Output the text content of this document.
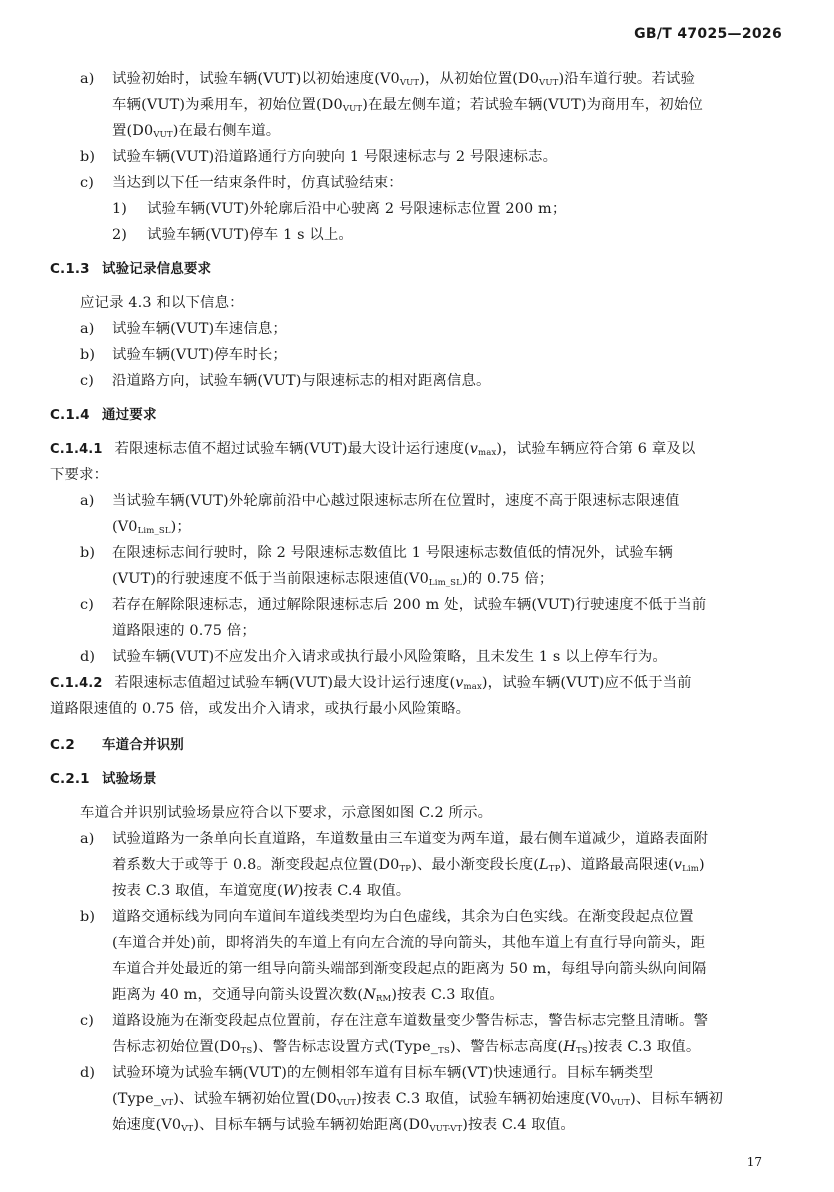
GB/T 47025—2026
a) 试验初始时，试验车辆(VUT)以初始速度$(V0_{VUT})$，从初始位置$(D0_{VUT})$沿车道行驶。若试验
车辆(VUT)为乘用车，初始位置$(D0_{VUT})$在最左侧车道；若试验车辆(VUT)为商用车，初始位
置$(D0_{VUT})$在最右侧车道。
b) 试验车辆(VUT)沿道路通行方向驶向 1 号限速标志与 2 号限速标志。
c) 当达到以下任一结束条件时，仿真试验结束：
1) 试验车辆(VUT)外轮廓后沿中心驶离 2 号限速标志位置 200 m；
2) 试验车辆(VUT)停车 1 s 以上。
C.1.3 试验记录信息要求
应记录 4.3 和以下信息：
a) 试验车辆(VUT)车速信息；
b) 试验车辆(VUT)停车时长；
c) 沿道路方向，试验车辆(VUT)与限速标志的相对距离信息。
C.1.4 通过要求
C.1.4.1 若限速标志值不超过试验车辆(VUT)最大设计运行速度$(v_{max})$，试验车辆应符合第 6 章及以
下要求：
a) 当试验车辆(VUT)外轮廓前沿中心越过限速标志所在位置时，速度不高于限速标志限速值
$(V0_{Lim\_SL})$；
b) 在限速标志间行驶时，除 2 号限速标志数值比 1 号限速标志数值低的情况外，试验车辆
(VUT)的行驶速度不低于当前限速标志限速值$(V0_{Lim\_SL})$的 0.75 倍；
c) 若存在解除限速标志，通过解除限速标志后 200 m 处，试验车辆(VUT)行驶速度不低于当前
道路限速的 0.75 倍；
d) 试验车辆(VUT)不应发出介入请求或执行最小风险策略，且未发生 1 s 以上停车行为。
C.1.4.2 若限速标志值超过试验车辆(VUT)最大设计运行速度$(v_{max})$，试验车辆(VUT)应不低于当前
道路限速值的 0.75 倍，或发出介入请求，或执行最小风险策略。
C.2 车道合并识别
C.2.1 试验场景
车道合并识别试验场景应符合以下要求，示意图如图 C.2 所示。
a) 试验道路为一条单向长直道路，车道数量由三车道变为两车道，最右侧车道减少，道路表面附
着系数大于或等于 0.8。渐变段起点位置$(D0_{TP})$、最小渐变段长度$(L_{TP})$、道路最高限速$(v_{Lim})$
按表 C.3 取值，车道宽度(W)按表 C.4 取值。
b) 道路交通标线为同向车道间车道线类型均为白色虚线，其余为白色实线。在渐变段起点位置
(车道合并处)前，即将消失的车道上有向左合流的导向箭头，其他车道上有直行导向箭头，距
车道合并处最近的第一组导向箭头端部到渐变段起点的距离为 50 m，每组导向箭头纵向间隔
距离为 40 m，交通导向箭头设置次数$(N_{RM})$按表 C.3 取值。
c) 道路设施为在渐变段起点位置前，存在注意车道数量变少警告标志，警告标志完整且清晰。警
告标志初始位置$(D0_{TS})$、警告标志设置方式$(Type\__{TS})$、警告标志高度$(H_{TS})$按表 C.3 取值。
d) 试验环境为试验车辆(VUT)的左侧相邻车道有目标车辆(VT)快速通行。目标车辆类型
$(Type\__{VT})$、试验车辆初始位置$(D0_{VUT})$按表 C.3 取值，试验车辆初始速度$(V0_{VUT})$、目标车辆初
始速度$(V0_{VT})$、目标车辆与试验车辆初始距离$(D0_{VUT-VT})$按表 C.4 取值。
17
